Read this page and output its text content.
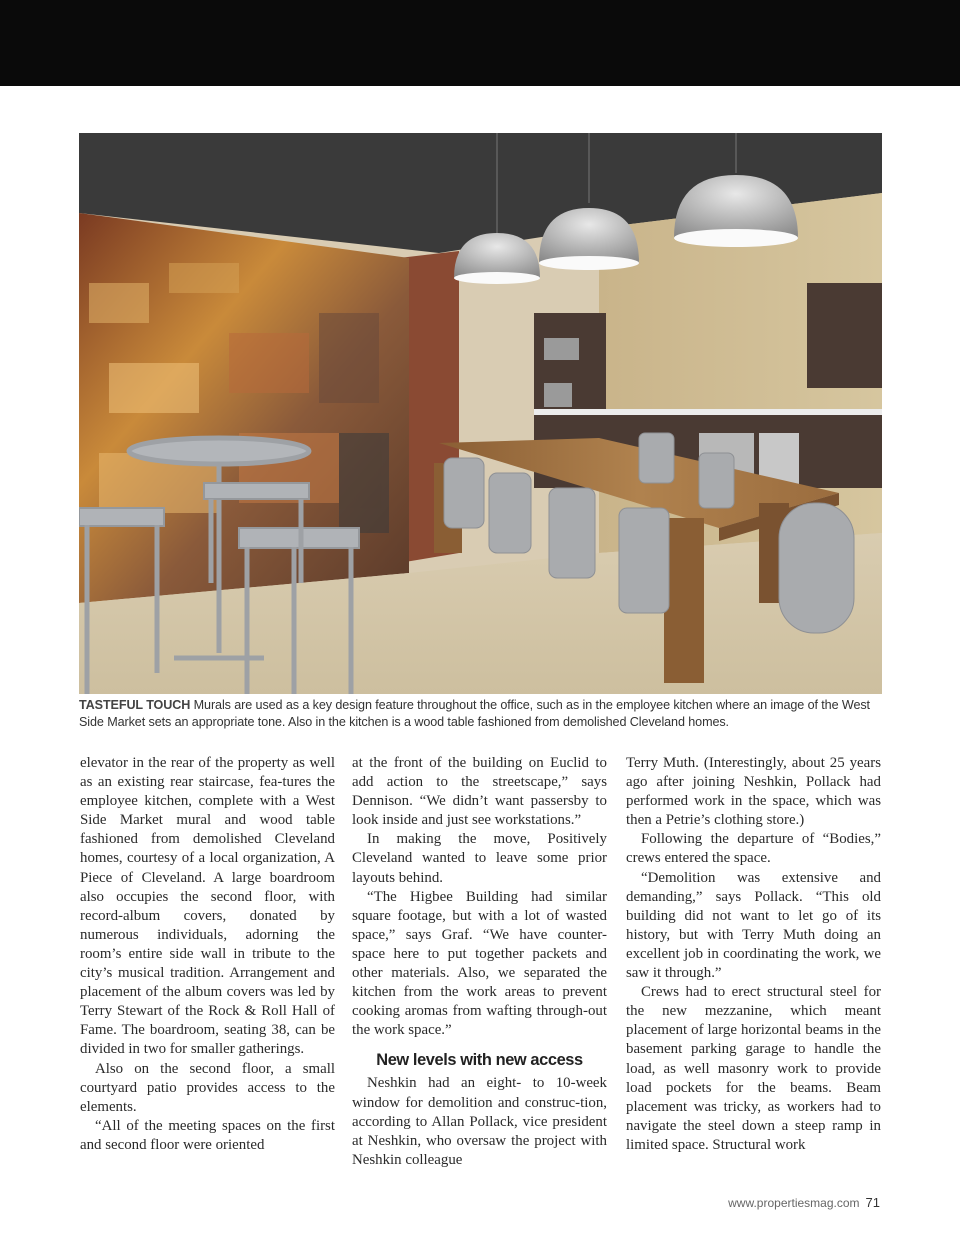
TASTEFUL TOUCH Murals are used as a key design feature throughout the office, such as in the employee kitchen where an image of the West Side Market sets an appropriate tone. Also in the kitchen is a wood table fashioned from demolished Cleveland homes.

elevator in the rear of the property as well as an existing rear staircase, fea-tures the employee kitchen, complete with a West Side Market mural and wood table fashioned from demolished Cleveland homes, courtesy of a local organization, A Piece of Cleveland. A large boardroom also occupies the second floor, with record-album covers, donated by numerous individuals, adorning the room’s entire side wall in tribute to the city’s musical tradition. Arrangement and placement of the album covers was led by Terry Stewart of the Rock & Roll Hall of Fame. The boardroom, seating 38, can be divided in two for smaller gatherings.

Also on the second floor, a small courtyard patio provides access to the elements.

“All of the meeting spaces on the first and second floor were oriented

at the front of the building on Euclid to add action to the streetscape,” says Dennison. “We didn’t want passersby to look inside and just see workstations.”

In making the move, Positively Cleveland wanted to leave some prior layouts behind.

“The Higbee Building had similar square footage, but with a lot of wasted space,” says Graf. “We have counter-space here to put together packets and other materials. Also, we separated the kitchen from the work areas to prevent cooking aromas from wafting through-out the work space.”

New levels with new access

Neshkin had an eight- to 10-week window for demolition and construc-tion, according to Allan Pollack, vice president at Neshkin, who oversaw the project with Neshkin colleague

Terry Muth. (Interestingly, about 25 years ago after joining Neshkin, Pollack had performed work in the space, which was then a Petrie’s clothing store.)

Following the departure of “Bodies,” crews entered the space.

“Demolition was extensive and demanding,” says Pollack. “This old building did not want to let go of its history, but with Terry Muth doing an excellent job in coordinating the work, we saw it through.”

Crews had to erect structural steel for the new mezzanine, which meant placement of large horizontal beams in the basement parking garage to handle the load, as well masonry work to provide load pockets for the beams. Beam placement was tricky, as workers had to navigate the steel down a steep ramp in limited space. Structural work

www.propertiesmag.com 71
